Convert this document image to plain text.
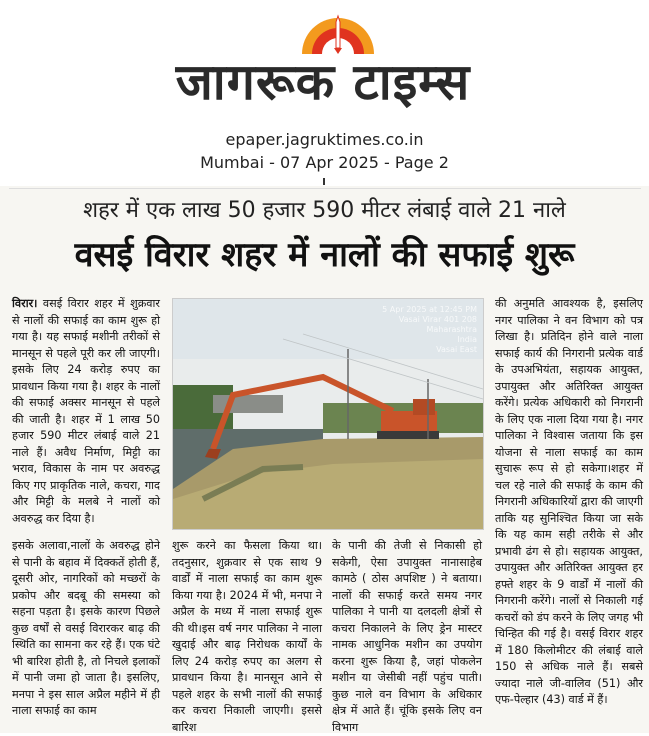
जागरूक टाइम्स
epaper.jagruktimes.co.in
Mumbai - 07 Apr 2025 - Page 2
शहर में एक लाख 50 हजार 590 मीटर लंबाई वाले 21 नाले
वसई विरार शहर में नालों की सफाई शुरू

विरार। वसई विरार शहर में शुक्रवार से नालों की सफाई का काम शुरू हो गया है। यह सफाई मशीनी तरीकों से मानसून से पहले पूरी कर ली जाएगी। इसके लिए 24 करोड़ रुपए का प्रावधान किया गया है। शहर के नालों की सफाई अक्सर मानसून से पहले की जाती है। शहर में 1 लाख 50 हजार 590 मीटर लंबाई वाले 21 नाले हैं। अवैध निर्माण, मिट्टी का भराव, विकास के नाम पर अवरुद्ध किए गए प्राकृतिक नाले, कचरा, गाद और मिट्टी के मलबे ने नालों को अवरुद्ध कर दिया है।

5 Apr 2025 at 12:45 PM
Vasai Virar 401 208
Maharashtra
India
Vasai East

की अनुमति आवश्यक है, इसलिए नगर पालिका ने वन विभाग को पत्र लिखा है। प्रतिदिन होने वाले नाला सफाई कार्य की निगरानी प्रत्येक वार्ड के उपअभियंता, सहायक आयुक्त, उपायुक्त और अतिरिक्त आयुक्त करेंगे। प्रत्येक अधिकारी को निगरानी के लिए एक नाला दिया गया है। नगर पालिका ने विश्वास जताया कि इस योजना से नाला सफाई का काम सुचारू रूप से हो सकेगा।शहर में चल रहे नाले की सफाई के काम की निगरानी अधिकारियों द्वारा की जाएगी ताकि यह सुनिश्चित किया जा सके कि यह काम सही तरीके से और प्रभावी ढंग से हो। सहायक आयुक्त, उपायुक्त और अतिरिक्त आयुक्त हर हफ्ते शहर के 9 वार्डों में नालों की निगरानी करेंगे। नालों से निकाली गई कचरों को डंप करने के लिए जगह भी चिन्हित की गई है। वसई विरार शहर में 180 किलोमीटर की लंबाई वाले 150 से अधिक नाले हैं। सबसे ज्यादा नाले जी-वालिव (51) और एफ-पेल्हार (43) वार्ड में हैं।

इसके अलावा,नालों के अवरुद्ध होने से पानी के बहाव में दिक्कतें होती हैं, दूसरी ओर, नागरिकों को मच्छरों के प्रकोप और बदबू की समस्या को सहना पड़ता है। इसके कारण पिछले कुछ वर्षों से वसई विरारकर बाढ़ की स्थिति का सामना कर रहे हैं। एक घंटे भी बारिश होती है, तो निचले इलाकों में पानी जमा हो जाता है। इसलिए, मनपा ने इस साल अप्रैल महीने में ही नाला सफाई का काम

शुरू करने का फैसला किया था। तदनुसार, शुक्रवार से एक साथ 9 वार्डों में नाला सफाई का काम शुरू किया गया है। 2024 में भी, मनपा ने अप्रैल के मध्य में नाला सफाई शुरू की थी।इस वर्ष नगर पालिका ने नाला खुदाई और बाढ़ निरोधक कार्यों के लिए 24 करोड़ रुपए का अलग से प्रावधान किया है। मानसून आने से पहले शहर के सभी नालों की सफाई कर कचरा निकाली जाएगी। इससे बारिश

के पानी की तेजी से निकासी हो सकेगी, ऐसा उपायुक्त नानासाहेब कामठे ( ठोस अपशिष्ट ) ने बताया। नालों की सफाई करते समय नगर पालिका ने पानी या दलदली क्षेत्रों से कचरा निकालने के लिए ड्रेन मास्टर नामक आधुनिक मशीन का उपयोग करना शुरू किया है, जहां पोकलेन मशीन या जेसीबी नहीं पहुंच पाती। कुछ नाले वन विभाग के अधिकार क्षेत्र में आते हैं। चूंकि इसके लिए वन विभाग
